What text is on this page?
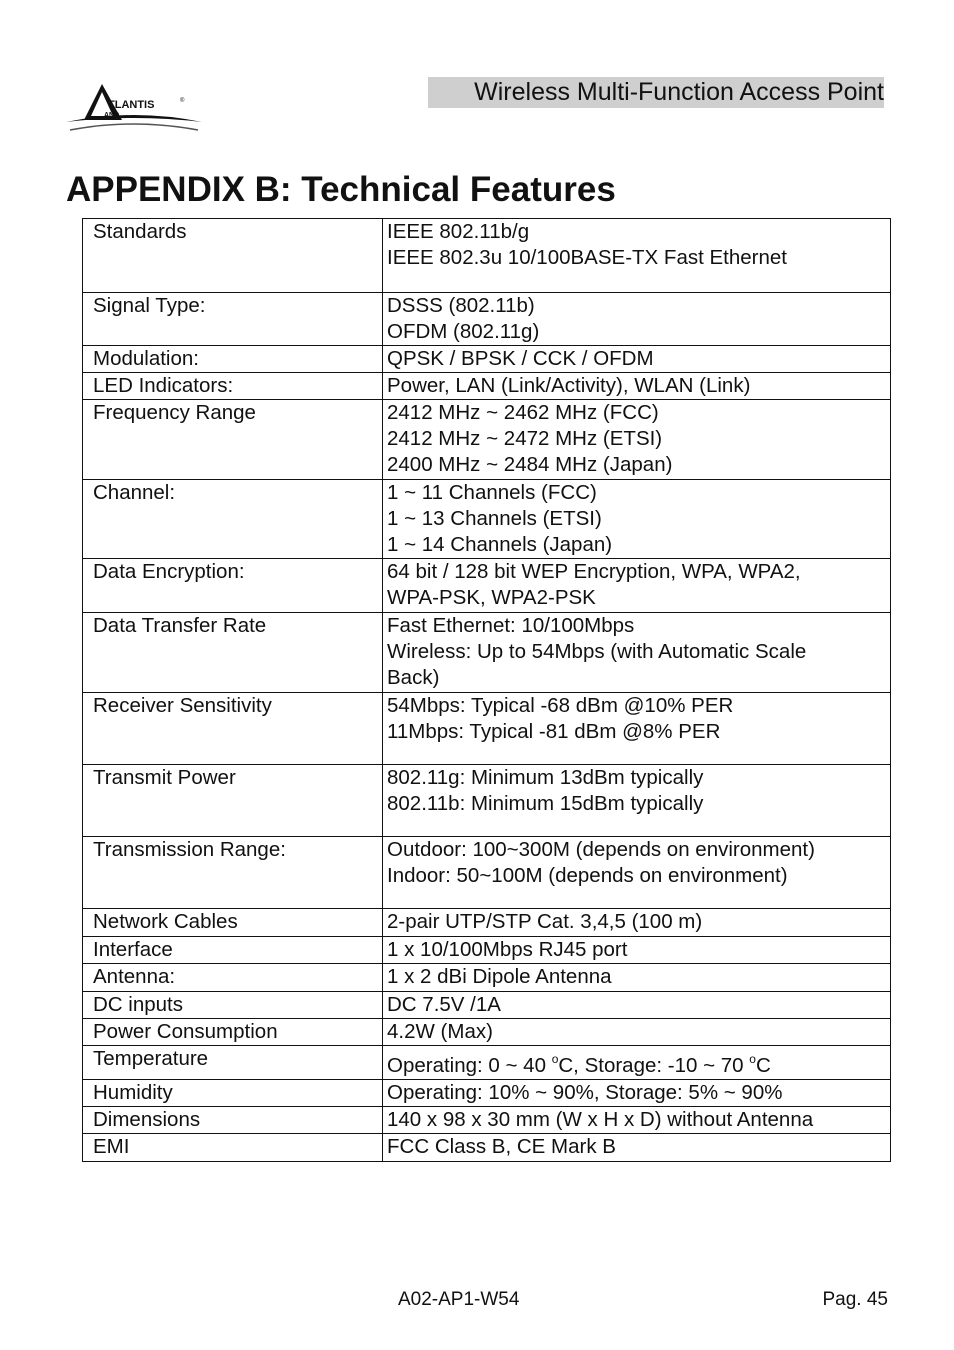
TLANTIS	®
AND
Wireless Multi-Function Access Point
APPENDIX B: Technical Features
Standards	IEEE 802.11b/g
IEEE 802.3u 10/100BASE-TX Fast Ethernet

Signal Type:	DSSS (802.11b)
OFDM (802.11g)

Modulation:	QPSK / BPSK / CCK / OFDM

LED Indicators:	Power, LAN (Link/Activity), WLAN (Link)

Frequency Range	2412 MHz ~ 2462 MHz (FCC)
2412 MHz ~ 2472 MHz (ETSI)
2400 MHz ~ 2484 MHz (Japan)

Channel:	1 ~ 11 Channels (FCC)
1 ~ 13 Channels (ETSI)
1 ~ 14 Channels (Japan)

Data Encryption:	64 bit / 128 bit WEP Encryption, WPA, WPA2,
WPA-PSK, WPA2-PSK

Data Transfer Rate	Fast Ethernet: 10/100Mbps
Wireless: Up to 54Mbps (with Automatic Scale
Back)

Receiver Sensitivity	54Mbps: Typical -68 dBm @10% PER
11Mbps: Typical -81 dBm @8% PER

Transmit Power	802.11g: Minimum 13dBm typically
802.11b: Minimum 15dBm typically

Transmission Range:	Outdoor: 100~300M (depends on environment)
Indoor: 50~100M (depends on environment)

Network Cables	2-pair UTP/STP Cat. 3,4,5 (100 m)

Interface	1 x 10/100Mbps RJ45 port

Antenna:	1 x 2 dBi Dipole Antenna

DC inputs	DC 7.5V /1A

Power Consumption	4.2W (Max)

Temperature	Operating: 0 ~ 40 $^o$C, Storage: -10 ~ 70 $^o$C

Humidity	Operating: 10% ~ 90%, Storage: 5% ~ 90%

Dimensions	140 x 98 x 30 mm (W x H x D) without Antenna

EMI	FCC Class B, CE Mark B
A02-AP1-W54	Pag. 45
